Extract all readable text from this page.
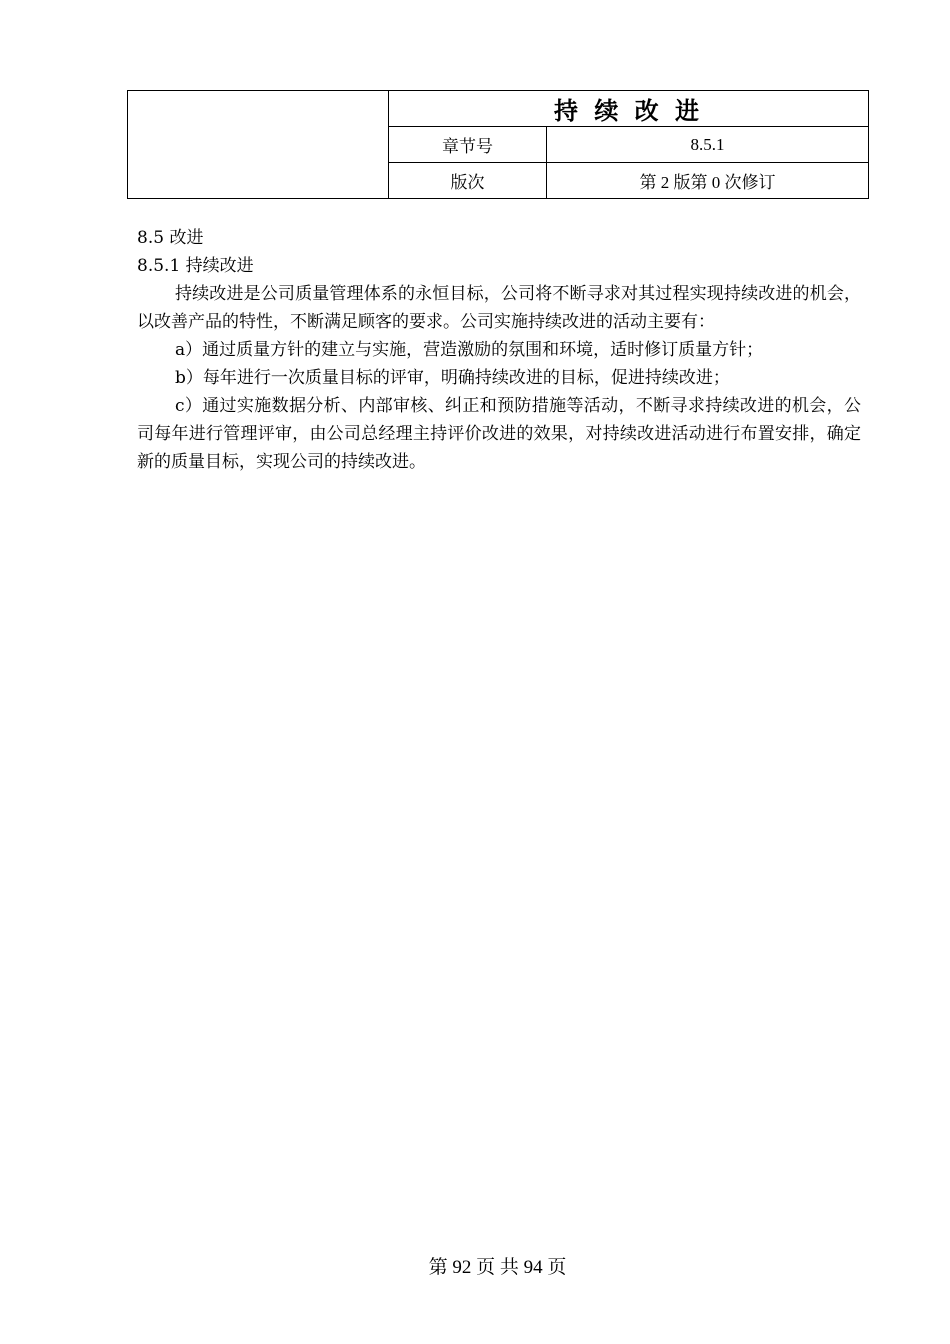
	持 续 改 进	
	章节号	8.5.1
	版次	第 2 版第 0 次修订

8.5 改进

8.5.1 持续改进

持续改进是公司质量管理体系的永恒目标，公司将不断寻求对其过程实现持续改进的机会，以改善产品的特性，不断满足顾客的要求。公司实施持续改进的活动主要有：

a）通过质量方针的建立与实施，营造激励的氛围和环境，适时修订质量方针；

b）每年进行一次质量目标的评审，明确持续改进的目标，促进持续改进；

c）通过实施数据分析、内部审核、纠正和预防措施等活动，不断寻求持续改进的机会，公司每年进行管理评审，由公司总经理主持评价改进的效果，对持续改进活动进行布置安排，确定新的质量目标，实现公司的持续改进。

第 92 页 共 94 页
